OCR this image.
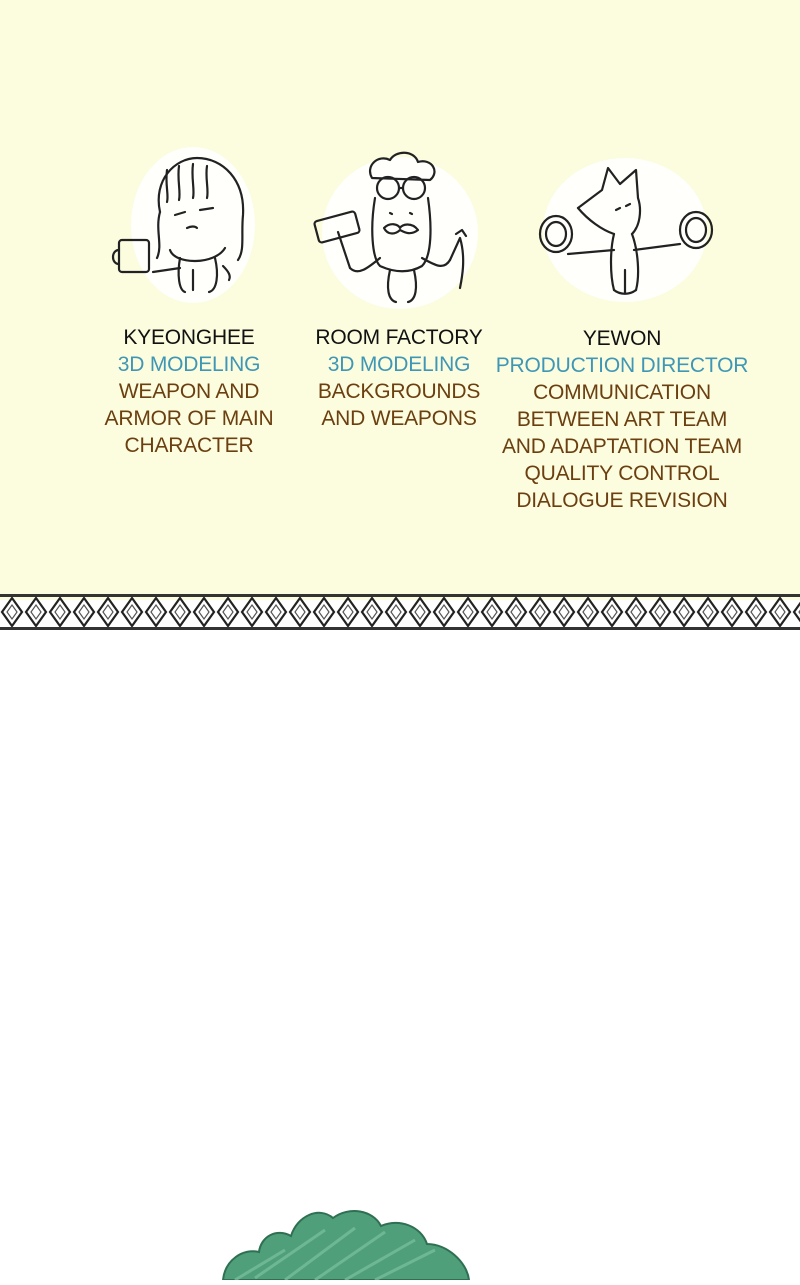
KYEONGHEE
3D MODELING
WEAPON AND
ARMOR OF MAIN
CHARACTER
ROOM FACTORY
3D MODELING
BACKGROUNDS
AND WEAPONS
YEWON
PRODUCTION DIRECTOR
COMMUNICATION
BETWEEN ART TEAM
AND ADAPTATION TEAM
QUALITY CONTROL
DIALOGUE REVISION
